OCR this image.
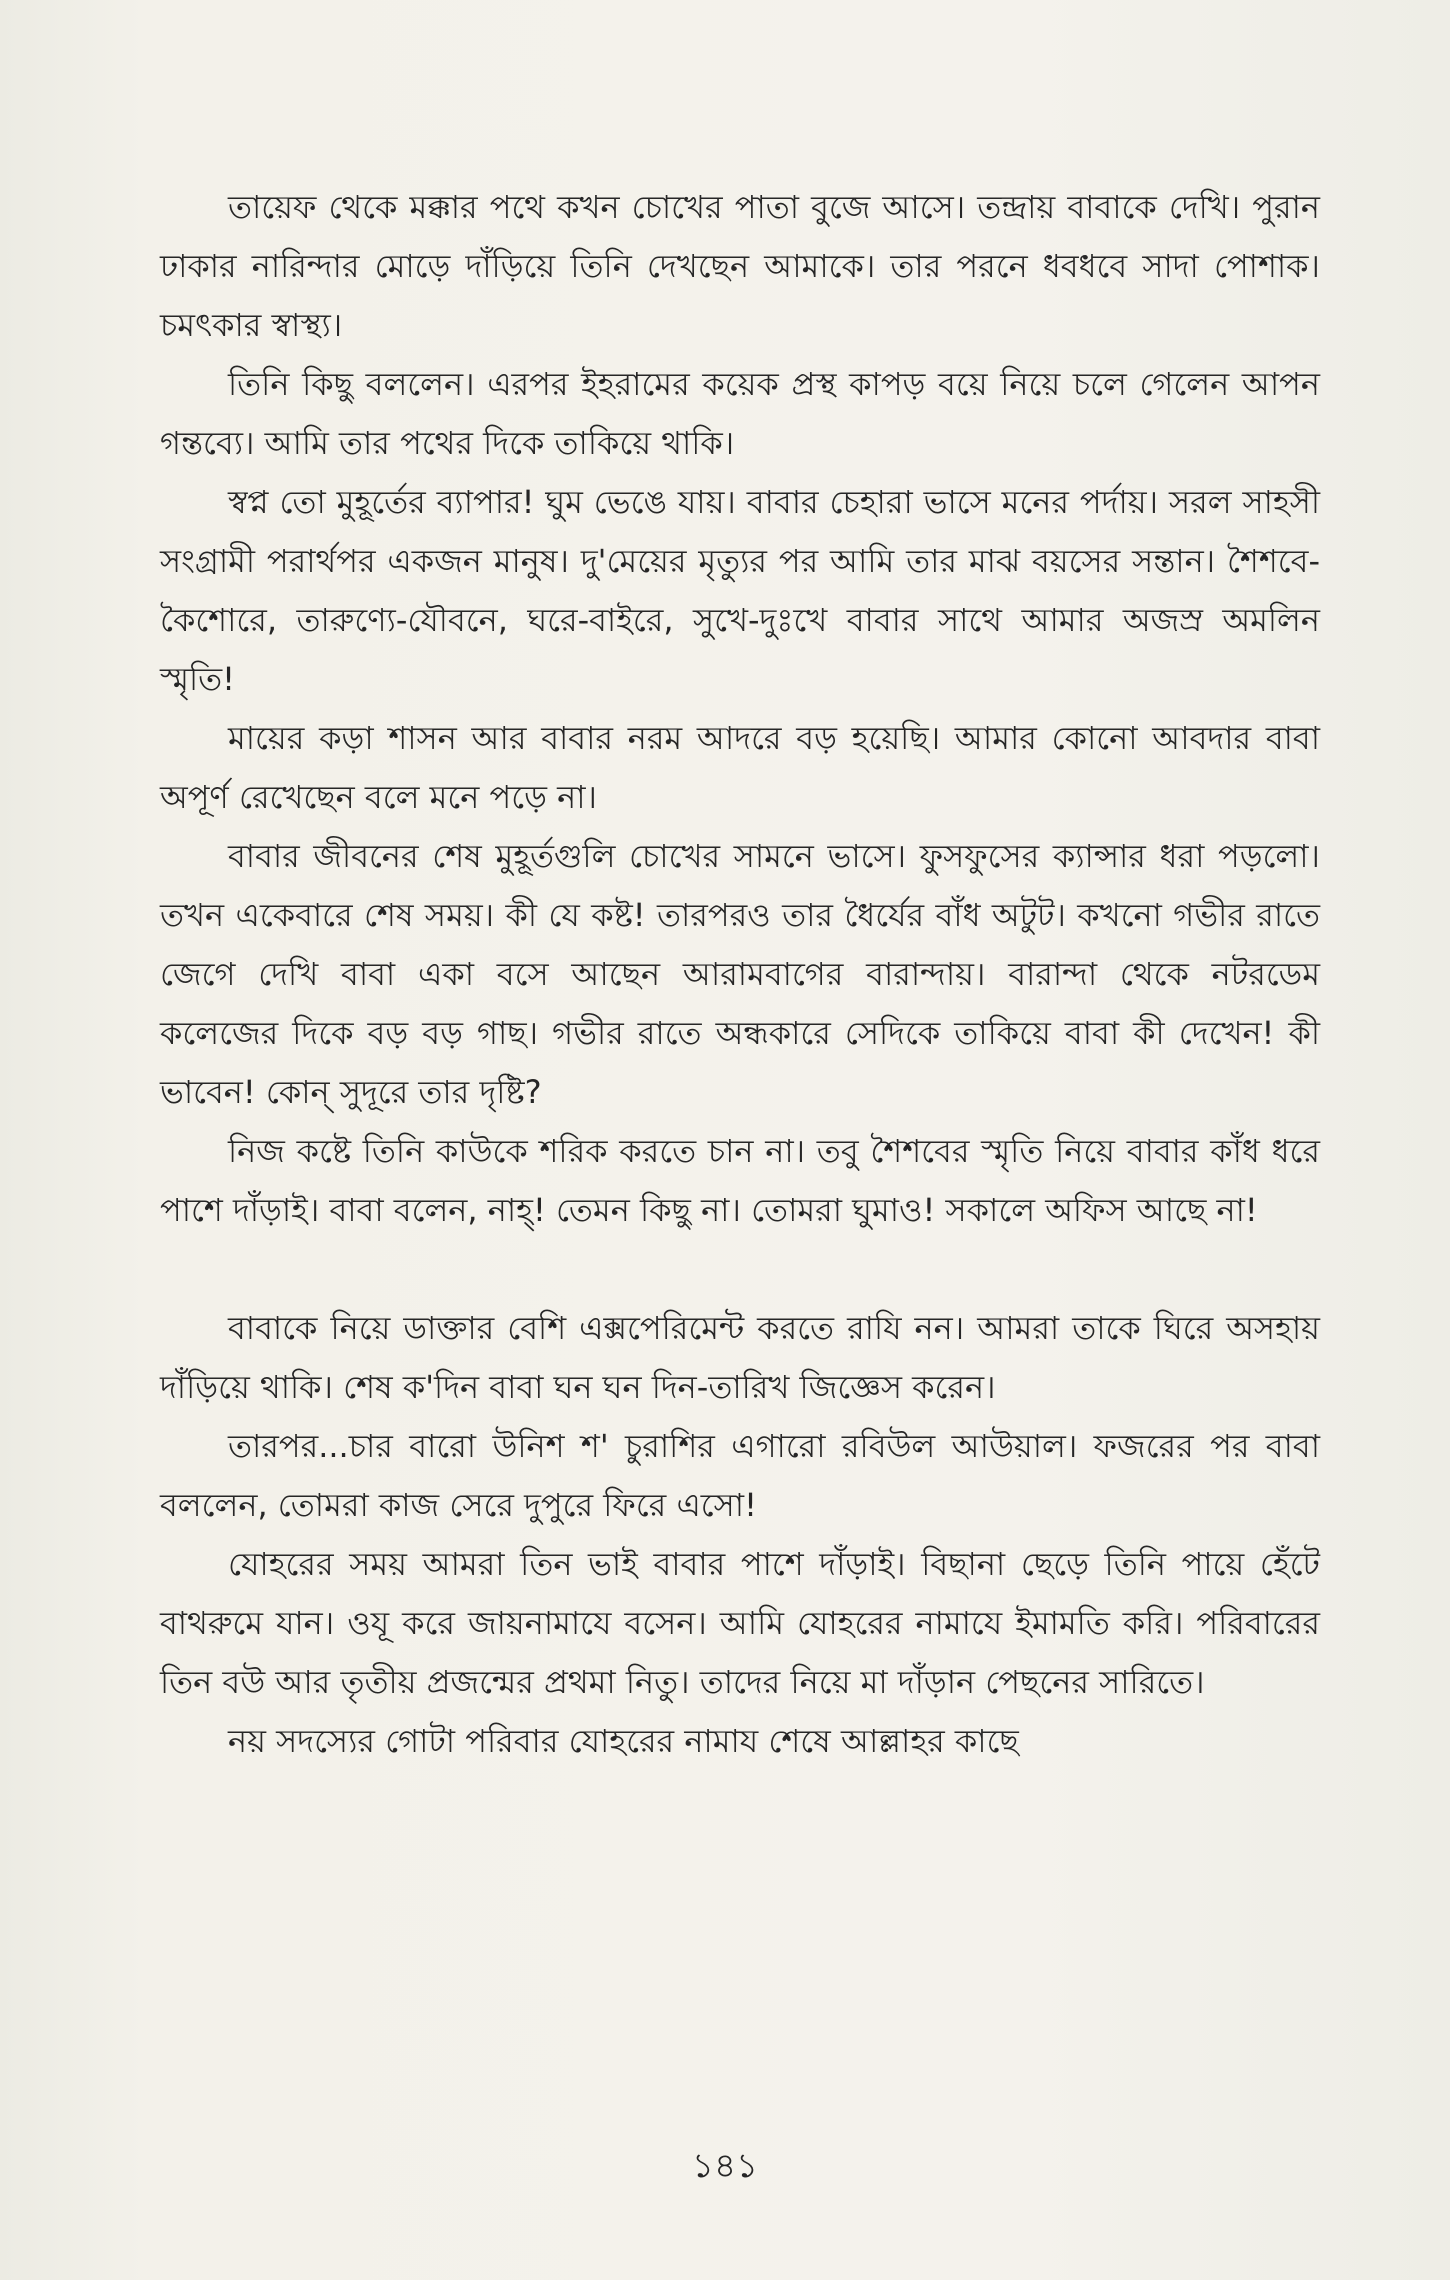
তায়েফ থেকে মক্কার পথে কখন চোখের পাতা বুজে আসে। তন্দ্রায় বাবাকে দেখি। পুরান ঢাকার নারিন্দার মোড়ে দাঁড়িয়ে তিনি দেখছেন আমাকে। তার পরনে ধবধবে সাদা পোশাক। চমৎকার স্বাস্থ্য।

তিনি কিছু বললেন। এরপর ইহরামের কয়েক প্রস্থ কাপড় বয়ে নিয়ে চলে গেলেন আপন গন্তব্যে। আমি তার পথের দিকে তাকিয়ে থাকি।

স্বপ্ন তো মুহূর্তের ব্যাপার! ঘুম ভেঙে যায়। বাবার চেহারা ভাসে মনের পর্দায়। সরল সাহসী সংগ্রামী পরার্থপর একজন মানুষ। দু'মেয়ের মৃত্যুর পর আমি তার মাঝ বয়সের সন্তান। শৈশবে-কৈশোরে, তারুণ্যে-যৌবনে, ঘরে-বাইরে, সুখে-দুঃখে বাবার সাথে আমার অজস্র অমলিন স্মৃতি!

মায়ের কড়া শাসন আর বাবার নরম আদরে বড় হয়েছি। আমার কোনো আবদার বাবা অপূর্ণ রেখেছেন বলে মনে পড়ে না।

বাবার জীবনের শেষ মুহূর্তগুলি চোখের সামনে ভাসে। ফুসফুসের ক্যান্সার ধরা পড়লো। তখন একেবারে শেষ সময়। কী যে কষ্ট! তারপরও তার ধৈর্যের বাঁধ অটুট। কখনো গভীর রাতে জেগে দেখি বাবা একা বসে আছেন আরামবাগের বারান্দায়। বারান্দা থেকে নটরডেম কলেজের দিকে বড় বড় গাছ। গভীর রাতে অন্ধকারে সেদিকে তাকিয়ে বাবা কী দেখেন! কী ভাবেন! কোন্ সুদূরে তার দৃষ্টি?

নিজ কষ্টে তিনি কাউকে শরিক করতে চান না। তবু শৈশবের স্মৃতি নিয়ে বাবার কাঁধ ধরে পাশে দাঁড়াই। বাবা বলেন, নাহ্! তেমন কিছু না। তোমরা ঘুমাও! সকালে অফিস আছে না!

বাবাকে নিয়ে ডাক্তার বেশি এক্সপেরিমেন্ট করতে রাযি নন। আমরা তাকে ঘিরে অসহায় দাঁড়িয়ে থাকি। শেষ ক'দিন বাবা ঘন ঘন দিন-তারিখ জিজ্ঞেস করেন।

তারপর...চার বারো উনিশ শ' চুরাশির এগারো রবিউল আউয়াল। ফজরের পর বাবা বললেন, তোমরা কাজ সেরে দুপুরে ফিরে এসো!

যোহরের সময় আমরা তিন ভাই বাবার পাশে দাঁড়াই। বিছানা ছেড়ে তিনি পায়ে হেঁটে বাথরুমে যান। ওযূ করে জায়নামাযে বসেন। আমি যোহরের নামাযে ইমামতি করি। পরিবারের তিন বউ আর তৃতীয় প্রজন্মের প্রথমা নিতু। তাদের নিয়ে মা দাঁড়ান পেছনের সারিতে।

নয় সদস্যের গোটা পরিবার যোহরের নামায শেষে আল্লাহর কাছে

১৪১
